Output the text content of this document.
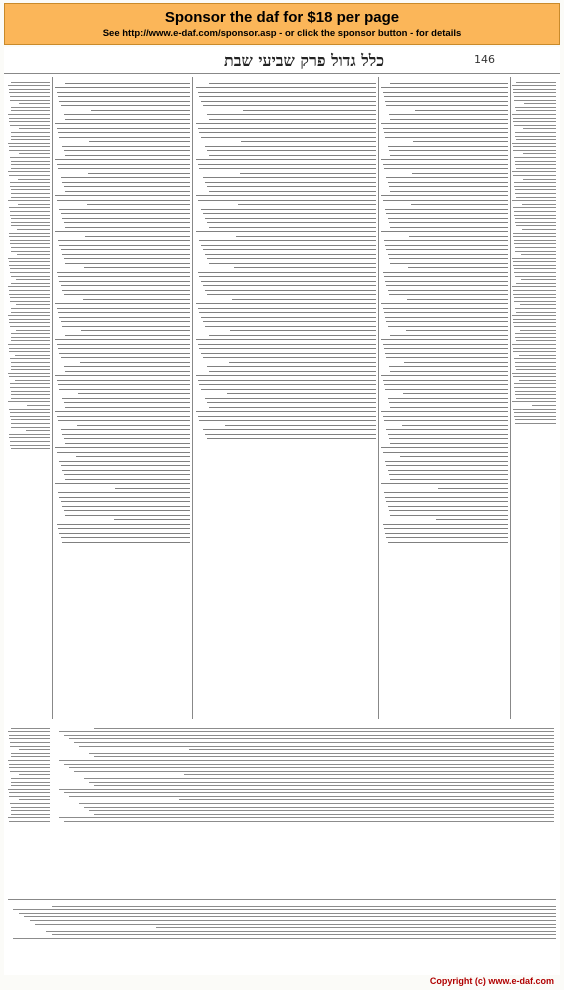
Sponsor the daf for $18 per page
See http://www.e-daf.com/sponsor.asp - or click the sponsor button - for details
כלל גדול פרק שביעי שבת	146
Copyright (c) www.e-daf.com
